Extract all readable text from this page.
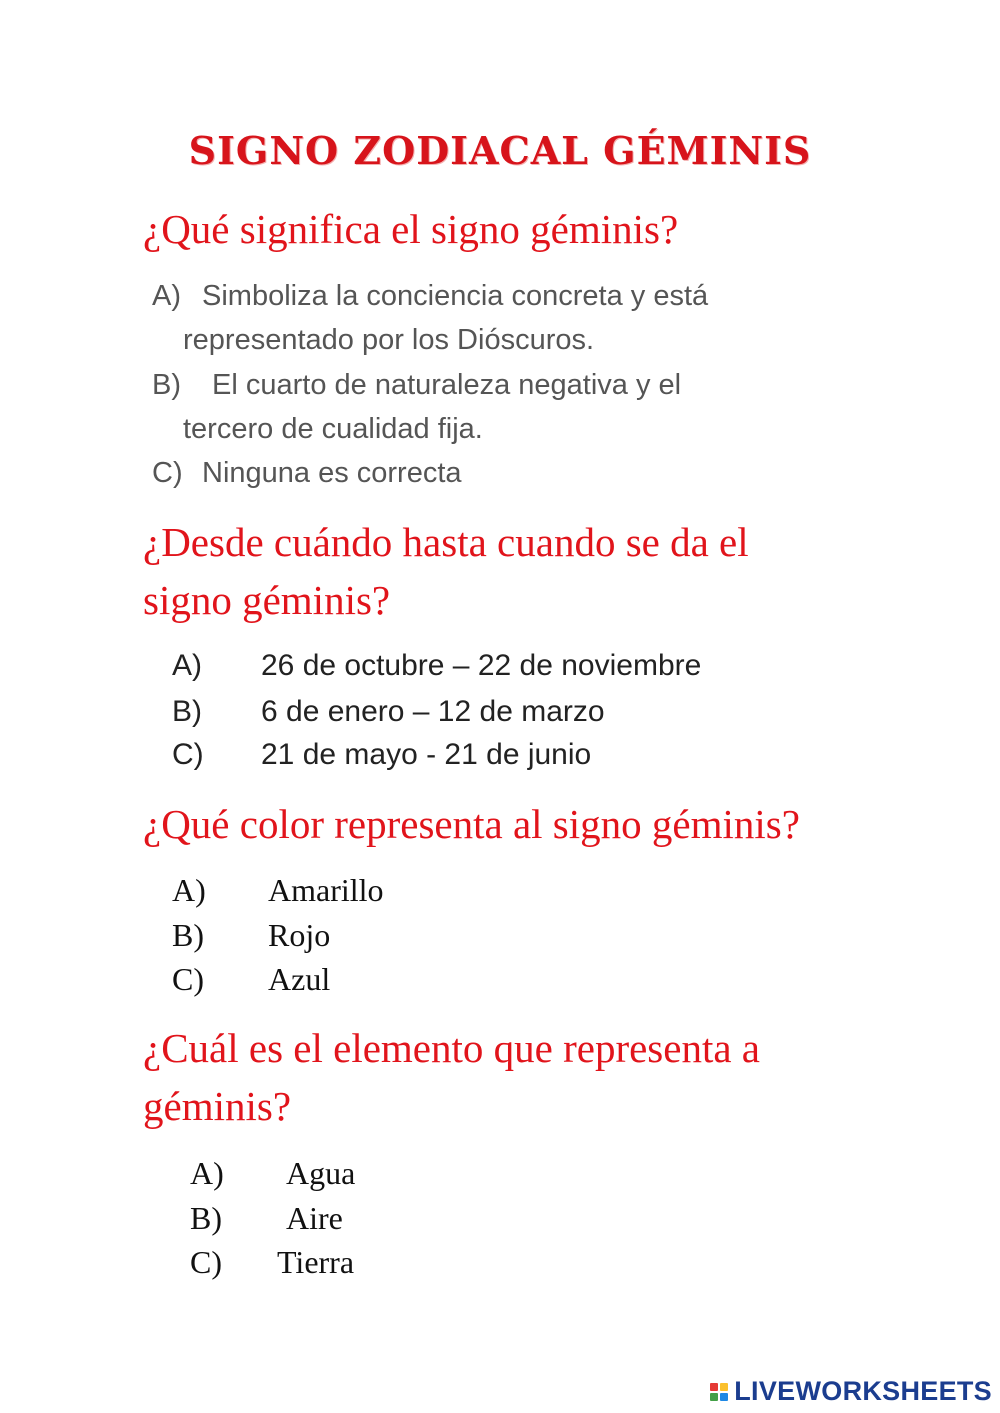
SIGNO ZODIACAL GÉMINIS
¿Qué significa el signo géminis?
A) Simboliza la conciencia concreta y está
representado por los Dióscuros.
B) El cuarto de naturaleza negativa y el
tercero de cualidad fija.
C) Ninguna es correcta
¿Desde cuándo hasta cuando se da el
signo géminis?
A) 26 de octubre – 22 de noviembre
B) 6 de enero – 12 de marzo
C) 21 de mayo - 21 de junio
¿Qué color representa al signo géminis?
A) Amarillo
B) Rojo
C) Azul
¿Cuál es el elemento que representa a
géminis?
A) Agua
B) Aire
C) Tierra
LIVEWORKSHEETS
